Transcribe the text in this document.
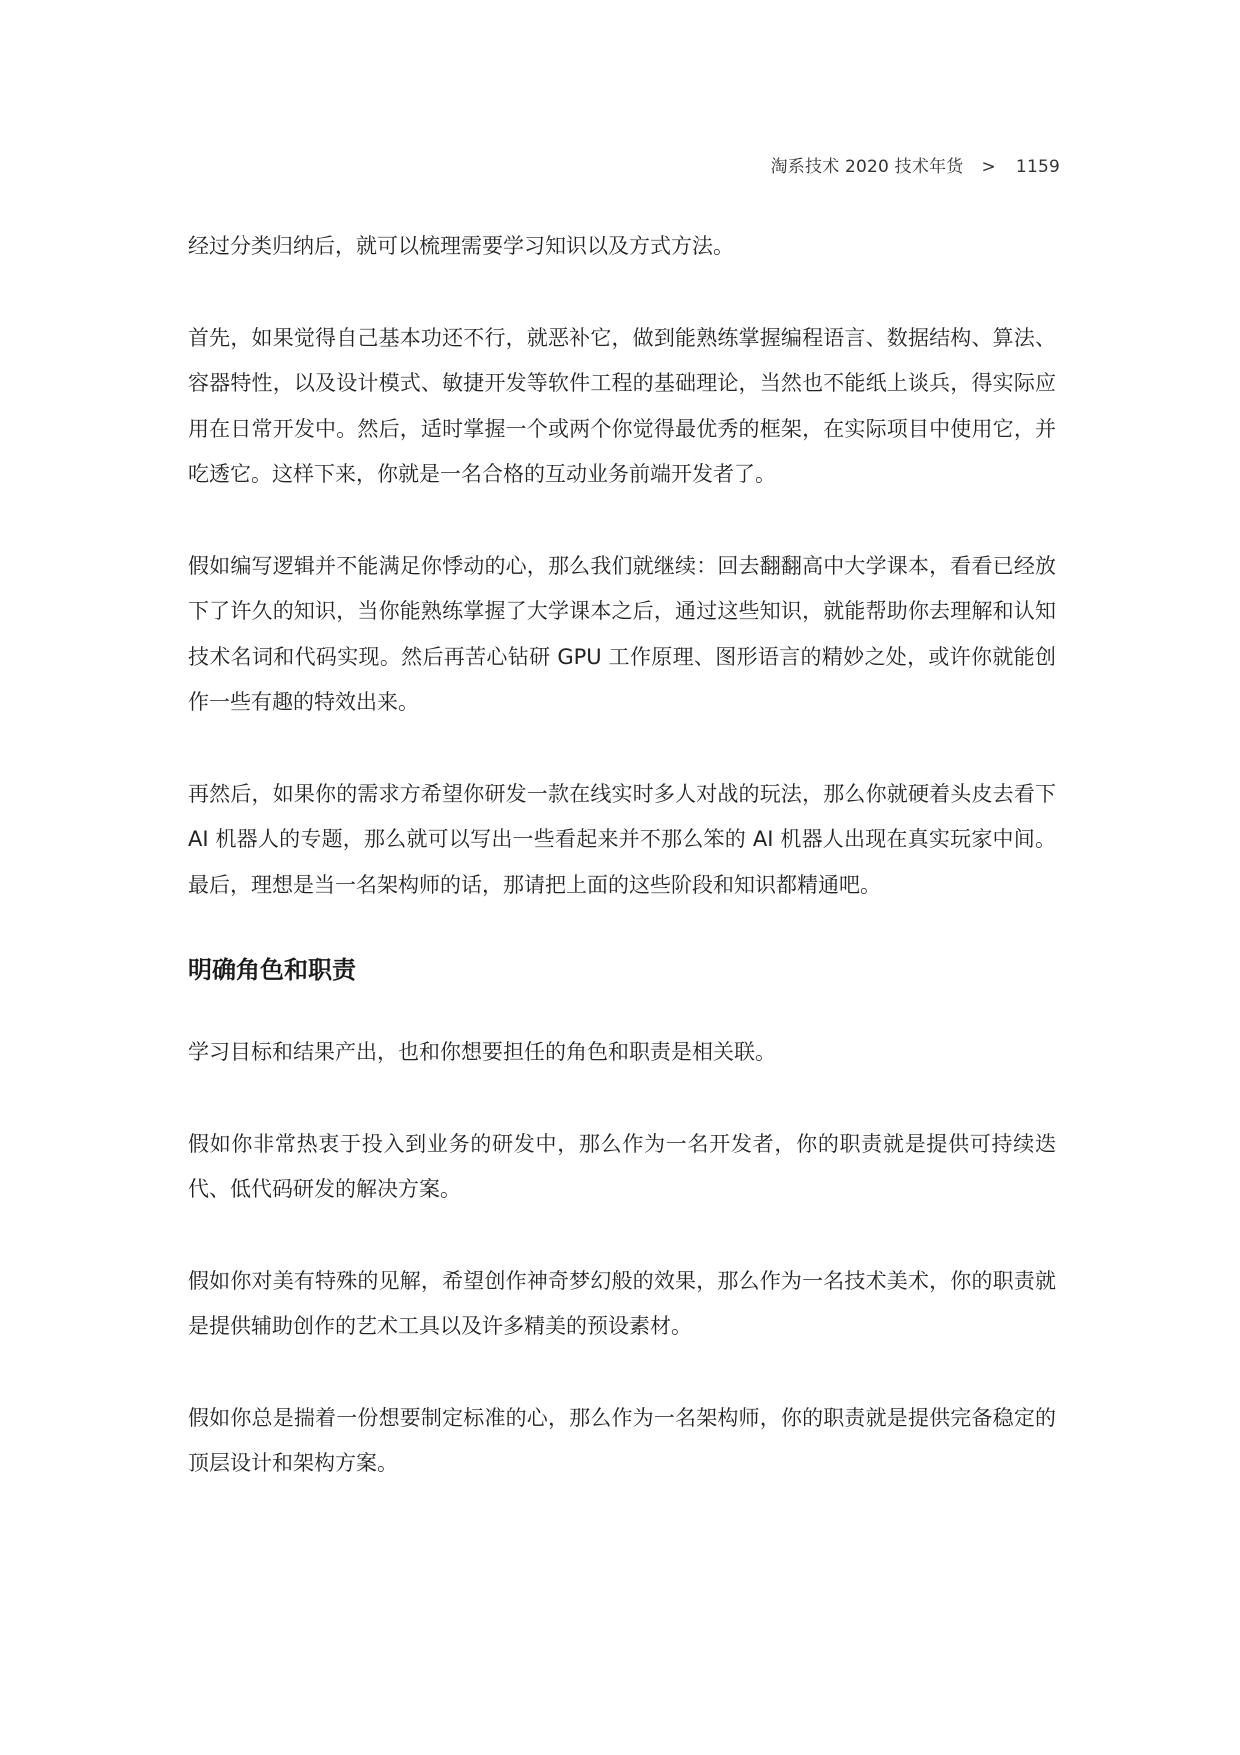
淘系技术 2020 技术年货 > 1159

经过分类归纳后，就可以梳理需要学习知识以及方式方法。

首先，如果觉得自己基本功还不行，就恶补它，做到能熟练掌握编程语言、数据结构、算法、容器特性，以及设计模式、敏捷开发等软件工程的基础理论，当然也不能纸上谈兵，得实际应用在日常开发中。然后，适时掌握一个或两个你觉得最优秀的框架，在实际项目中使用它，并吃透它。这样下来，你就是一名合格的互动业务前端开发者了。

假如编写逻辑并不能满足你悸动的心，那么我们就继续：回去翻翻高中大学课本，看看已经放下了许久的知识，当你能熟练掌握了大学课本之后，通过这些知识，就能帮助你去理解和认知技术名词和代码实现。然后再苦心钻研 GPU 工作原理、图形语言的精妙之处，或许你就能创作一些有趣的特效出来。

再然后，如果你的需求方希望你研发一款在线实时多人对战的玩法，那么你就硬着头皮去看下 AI 机器人的专题，那么就可以写出一些看起来并不那么笨的 AI 机器人出现在真实玩家中间。 最后，理想是当一名架构师的话，那请把上面的这些阶段和知识都精通吧。

明确角色和职责

学习目标和结果产出，也和你想要担任的角色和职责是相关联。

假如你非常热衷于投入到业务的研发中，那么作为一名开发者，你的职责就是提供可持续迭代、低代码研发的解决方案。

假如你对美有特殊的见解，希望创作神奇梦幻般的效果，那么作为一名技术美术，你的职责就是提供辅助创作的艺术工具以及许多精美的预设素材。

假如你总是揣着一份想要制定标准的心，那么作为一名架构师，你的职责就是提供完备稳定的顶层设计和架构方案。
